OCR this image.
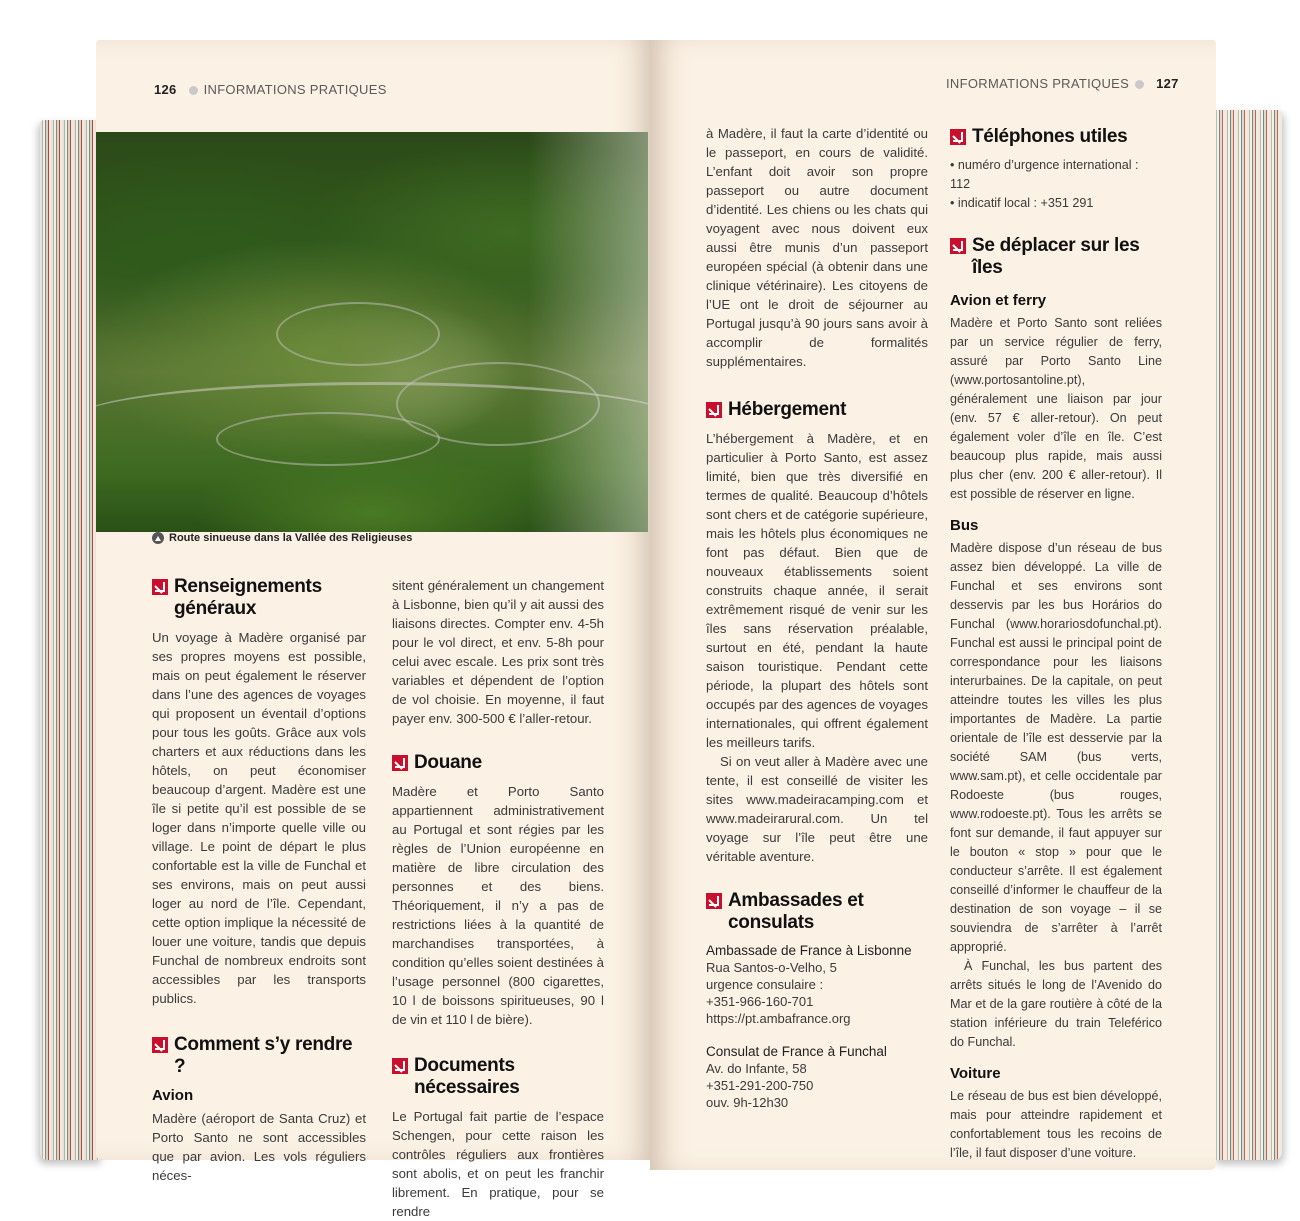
126 INFORMATIONS PRATIQUES
Route sinueuse dans la Vallée des Religieuses
Renseignements généraux

Un voyage à Madère organisé par ses propres moyens est possible, mais on peut également le réserver dans l’une des agences de voyages qui proposent un éventail d’options pour tous les goûts. Grâce aux vols charters et aux réductions dans les hôtels, on peut économiser beaucoup d’argent. Madère est une île si petite qu’il est possible de se loger dans n’importe quelle ville ou village. Le point de départ le plus confortable est la ville de Funchal et ses environs, mais on peut aussi loger au nord de l’île. Cependant, cette option implique la nécessité de louer une voiture, tandis que depuis Funchal de nombreux endroits sont accessibles par les transports publics.

Comment s’y rendre ?
Avion

Madère (aéroport de Santa Cruz) et Porto Santo ne sont accessibles que par avion. Les vols réguliers néces-

sitent généralement un changement à Lisbonne, bien qu’il y ait aussi des liaisons directes. Compter env. 4-5h pour le vol direct, et env. 5-8h pour celui avec escale. Les prix sont très variables et dépendent de l’option de vol choisie. En moyenne, il faut payer env. 300-500 € l’aller-retour.

Douane

Madère et Porto Santo appartiennent administrativement au Portugal et sont régies par les règles de l’Union européenne en matière de libre circulation des personnes et des biens. Théoriquement, il n’y a pas de restrictions liées à la quantité de marchandises transportées, à condition qu’elles soient destinées à l’usage personnel (800 cigarettes, 10 l de boissons spiritueuses, 90 l de vin et 110 l de bière).

Documents nécessaires

Le Portugal fait partie de l’espace Schengen, pour cette raison les contrôles réguliers aux frontières sont abolis, et on peut les franchir librement. En pratique, pour se rendre

INFORMATIONS PRATIQUES 127

à Madère, il faut la carte d’identité ou le passeport, en cours de validité. L’enfant doit avoir son propre passeport ou autre document d’identité. Les chiens ou les chats qui voyagent avec nous doivent eux aussi être munis d’un passeport européen spécial (à obtenir dans une clinique vétérinaire). Les citoyens de l’UE ont le droit de séjourner au Portugal jusqu’à 90 jours sans avoir à accomplir de formalités supplémentaires.

Hébergement

L’hébergement à Madère, et en particulier à Porto Santo, est assez limité, bien que très diversifié en termes de qualité. Beaucoup d’hôtels sont chers et de catégorie supérieure, mais les hôtels plus économiques ne font pas défaut. Bien que de nouveaux établissements soient construits chaque année, il serait extrêmement risqué de venir sur les îles sans réservation préalable, surtout en été, pendant la haute saison touristique. Pendant cette période, la plupart des hôtels sont occupés par des agences de voyages internationales, qui offrent également les meilleurs tarifs.

Si on veut aller à Madère avec une tente, il est conseillé de visiter les sites www.madeiracamping.com et www.madeirarural.com. Un tel voyage sur l’île peut être une véritable aventure.

Ambassades et consulats
Ambassade de France à Lisbonne
Rua Santos-o-Velho, 5
urgence consulaire :
+351-966-160-701
https://pt.ambafrance.org
Consulat de France à Funchal
Av. do Infante, 58
+351-291-200-750
ouv. 9h-12h30
Téléphones utiles

• numéro d’urgence international : 112

• indicatif local : +351 291

Se déplacer sur les îles
Avion et ferry

Madère et Porto Santo sont reliées par un service régulier de ferry, assuré par Porto Santo Line (www.portosantoline.pt), généralement une liaison par jour (env. 57 € aller-retour). On peut également voler d’île en île. C’est beaucoup plus rapide, mais aussi plus cher (env. 200 € aller-retour). Il est possible de réserver en ligne.

Bus

Madère dispose d’un réseau de bus assez bien développé. La ville de Funchal et ses environs sont desservis par les bus Horários do Funchal (www.horariosdofunchal.pt). Funchal est aussi le principal point de correspondance pour les liaisons interurbaines. De la capitale, on peut atteindre toutes les villes les plus importantes de Madère. La partie orientale de l’île est desservie par la société SAM (bus verts, www.sam.pt), et celle occidentale par Rodoeste (bus rouges, www.rodoeste.pt). Tous les arrêts se font sur demande, il faut appuyer sur le bouton « stop » pour que le conducteur s’arrête. Il est également conseillé d’informer le chauffeur de la destination de son voyage – il se souviendra de s’arrêter à l’arrêt approprié.

À Funchal, les bus partent des arrêts situés le long de l’Avenido do Mar et de la gare routière à côté de la station inférieure du train Teleférico do Funchal.

Voiture

Le réseau de bus est bien développé, mais pour atteindre rapidement et confortablement tous les recoins de l’île, il faut disposer d’une voiture.
